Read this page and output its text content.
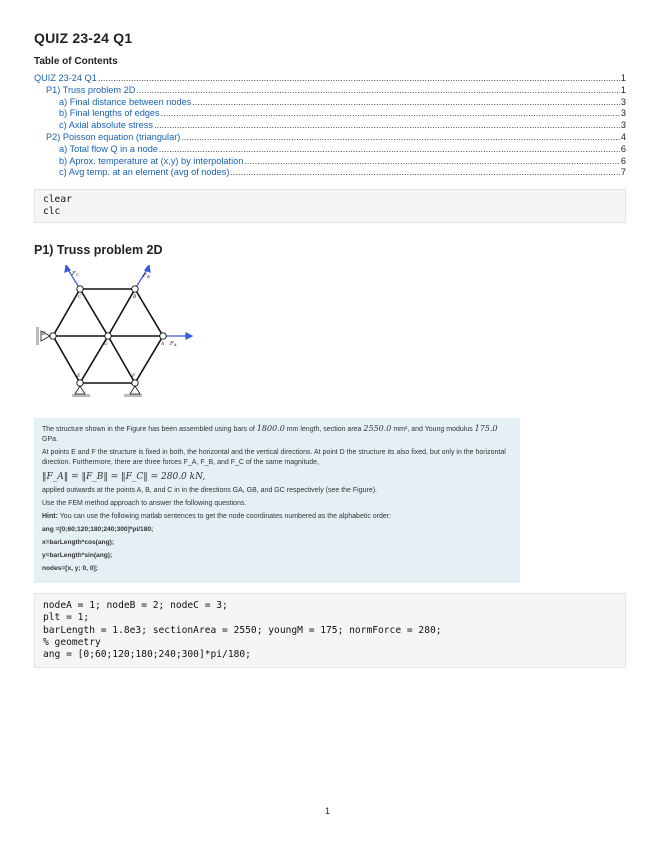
QUIZ 23-24 Q1
Table of Contents
QUIZ 23-24 Q1 .....	1
P1) Truss problem 2D .....	1
a) Final distance between nodes .....	3
b) Final lengths of edges .....	3
c) Axial absolute stress .....	3
P2) Poisson equation (triangular) .....	4
a) Total flow Q in a node .....	6
b) Aprox. temperature at (x,y) by interpolation .....	6
c) Avg temp. at an element (avg of nodes) .....	7
clear
clc
P1) Truss problem 2D
FA
FC	FB
D
G	A
B
C
E	F

The structure shown in the Figure has been assembled using bars of 1800.0 mm length, section area 2550.0 mm², and Young modulus 175.0 GPa.

At points E and F the structure is fixed in both, the horizontal and the vertical directions. At point D the structure its also fixed, but only in the horizontal direction. Furthermore, there are three forces F_A, F_B, and F_C of the same magnitude,

‖F_A‖ = ‖F_B‖ = ‖F_C‖ = 280.0 kN,

applied outwards at the points A, B, and C in in the directions GA, GB, and GC respectively (see the Figure).

Use the FEM method approach to answer the following questions.

Hint: You can use the following matlab sentences to get the node coordinates numbered as the alphabetic order:

ang =[0;60;120;180;240;300]*pi/180;

x=barLength*cos(ang);

y=barLength*sin(ang);

nodes=[x, y; 0, 0];

nodeA = 1; nodeB = 2; nodeC = 3;
plt = 1;
barLength = 1.8e3; sectionArea = 2550; youngM = 175; normForce = 280;
% geometry
ang = [0;60;120;180;240;300]*pi/180;
1
